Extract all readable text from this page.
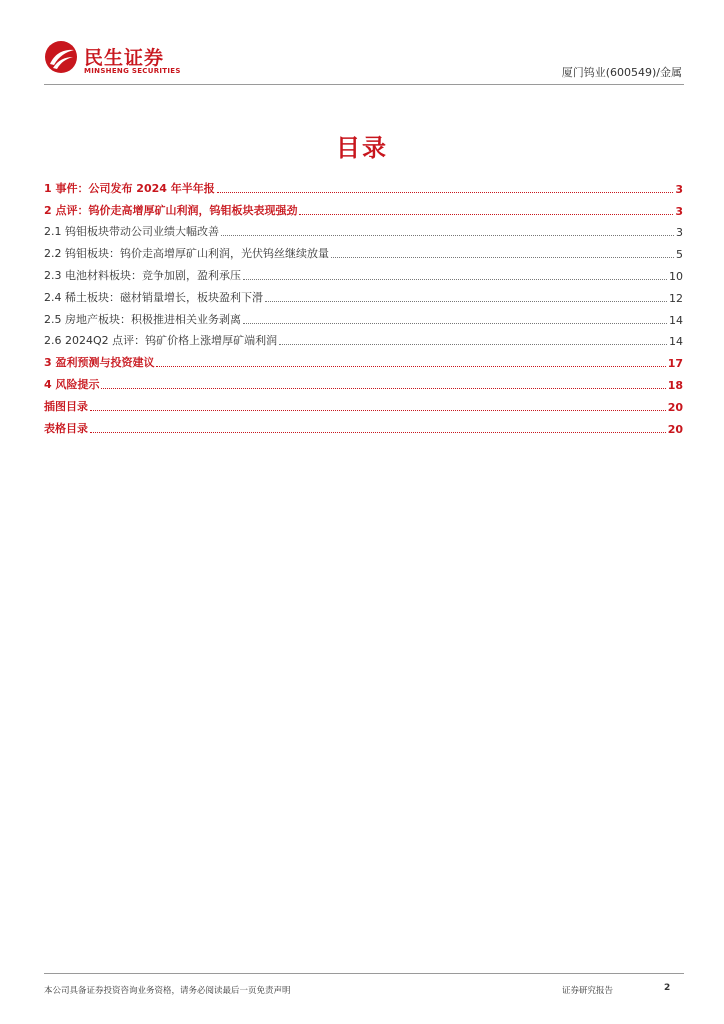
民生证券
MINSHENG SECURITIES	厦门钨业(600549)/金属
目录
1 事件：公司发布 2024 年半年报	3
2 点评：钨价走高增厚矿山利润，钨钼板块表现强劲	3
2.1 钨钼板块带动公司业绩大幅改善	3
2.2 钨钼板块：钨价走高增厚矿山利润，光伏钨丝继续放量	5
2.3 电池材料板块：竞争加剧，盈利承压	10
2.4 稀土板块：磁材销量增长，板块盈利下滑	12
2.5 房地产板块：积极推进相关业务剥离	14
2.6 2024Q2 点评：钨矿价格上涨增厚矿端利润	14
3 盈利预测与投资建议	17
4 风险提示	18
插图目录	20
表格目录	20
本公司具备证券投资咨询业务资格，请务必阅读最后一页免责声明	证券研究报告	2
